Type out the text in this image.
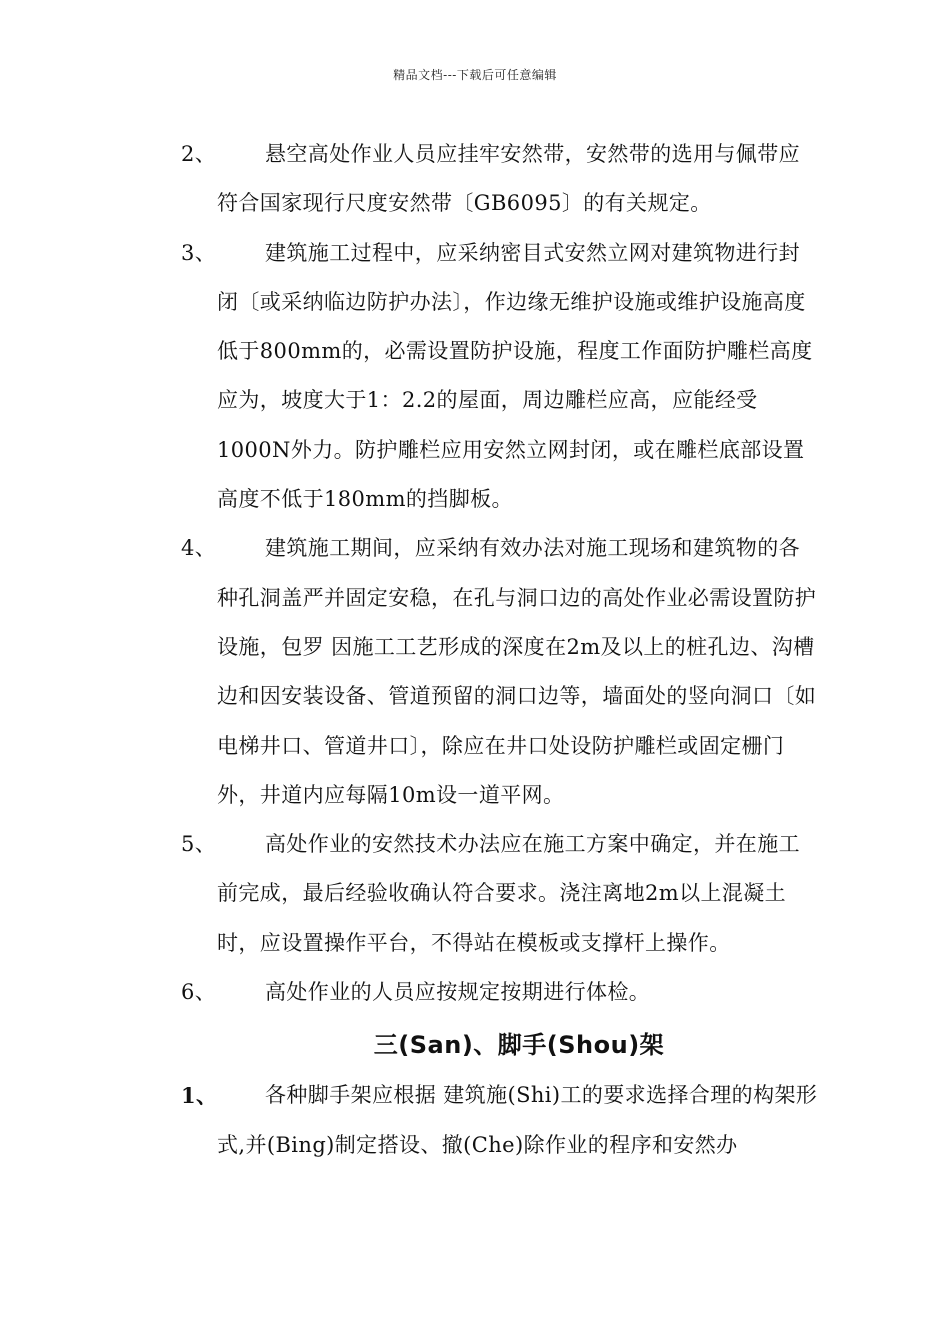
精品文档---下载后可任意编辑
2、	悬空高处作业人员应挂牢安然带，安然带的选用与佩带应符合国家现行尺度安然带〔GB6095〕的有关规定。
3、	建筑施工过程中，应采纳密目式安然立网对建筑物进行封闭〔或采纳临边防护办法〕，作边缘无维护设施或维护设施高度低于800mm的，必需设置防护设施，程度工作面防护雕栏高度应为，坡度大于1：2.2的屋面，周边雕栏应高，应能经受1000N外力。防护雕栏应用安然立网封闭，或在雕栏底部设置高度不低于180mm的挡脚板。
4、	建筑施工期间，应采纳有效办法对施工现场和建筑物的各种孔洞盖严并固定安稳，在孔与洞口边的高处作业必需设置防护设施，包罗 因施工工艺形成的深度在2m及以上的桩孔边、沟槽边和因安装设备、管道预留的洞口边等，墙面处的竖向洞口〔如电梯井口、管道井口〕，除应在井口处设防护雕栏或固定栅门外，井道内应每隔10m设一道平网。
5、	高处作业的安然技术办法应在施工方案中确定，并在施工前完成，最后经验收确认符合要求。浇注离地2m以上混凝土时，应设置操作平台，不得站在模板或支撑杆上操作。
6、	高处作业的人员应按规定按期进行体检。
三(San)、脚手(Shou)架
1、	各种脚手架应根据 建筑施(Shi)工的要求选择合理的构架形式,并(Bing)制定搭设、撤(Che)除作业的程序和安然办
